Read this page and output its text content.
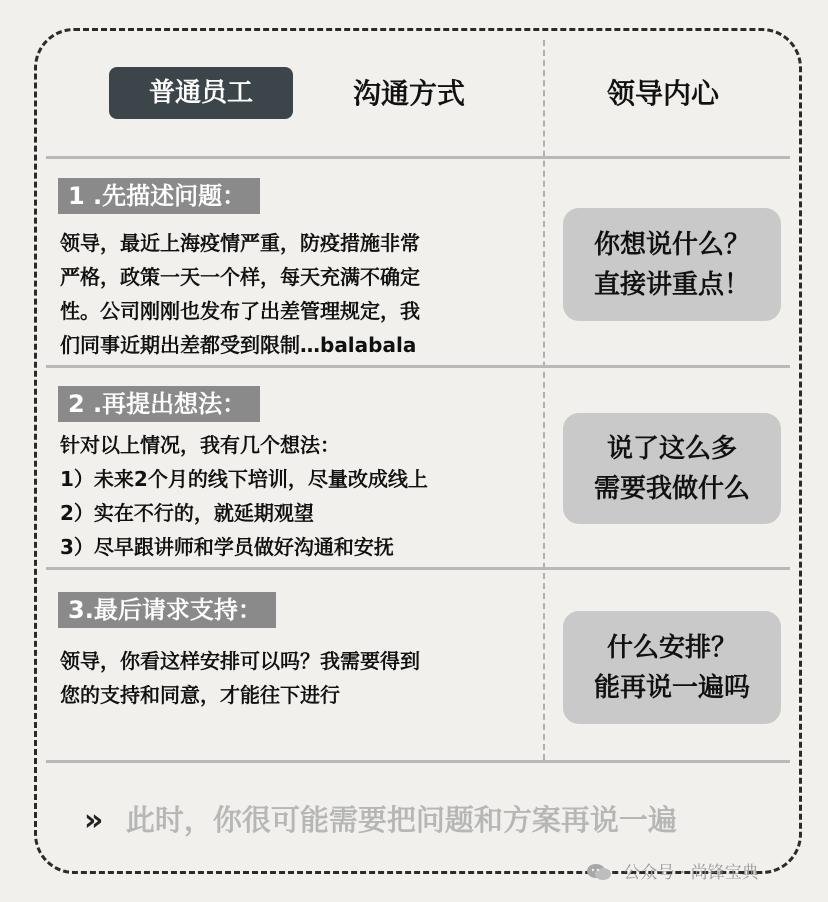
普通员工	沟通方式	领导内心
1 .先描述问题：
领导，最近上海疫情严重，防疫措施非常
严格，政策一天一个样，每天充满不确定
性。公司刚刚也发布了出差管理规定，我
们同事近期出差都受到限制…balabala
你想说什么？
直接讲重点！
2 .再提出想法：
针对以上情况，我有几个想法：
1）未来2个月的线下培训，尽量改成线上
2）实在不行的，就延期观望
3）尽早跟讲师和学员做好沟通和安抚
说了这么多
需要我做什么
3.最后请求支持：
领导，你看这样安排可以吗？我需要得到
您的支持和同意，才能往下进行
什么安排？
能再说一遍吗
» 此时，你很可能需要把问题和方案再说一遍
公众号 · 尚锋宝典
